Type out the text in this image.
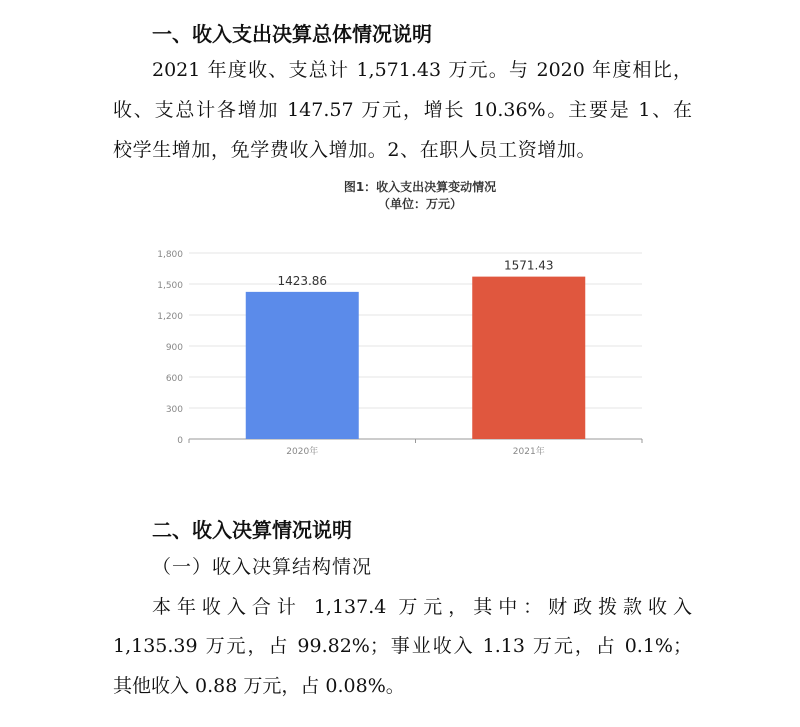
一、收入支出决算总体情况说明
2021 年度收、支总计 1,571.43 万元。与 2020 年度相比，
收、支总计各增加 147.57 万元，增长 10.36%。主要是 1、在
校学生增加，免学费收入增加。2、在职人员工资增加。
图1：收入支出决算变动情况
（单位：万元）
0
300
600
900
1,200
1,500
1,800
1423.86
2020年
1571.43
2021年
二、收入决算情况说明
（一）收入决算结构情况
本年收入合计 1,137.4 万元，其中：财政拨款收入
1,135.39 万元，占 99.82%；事业收入 1.13 万元，占 0.1%；
其他收入 0.88 万元，占 0.08%。
